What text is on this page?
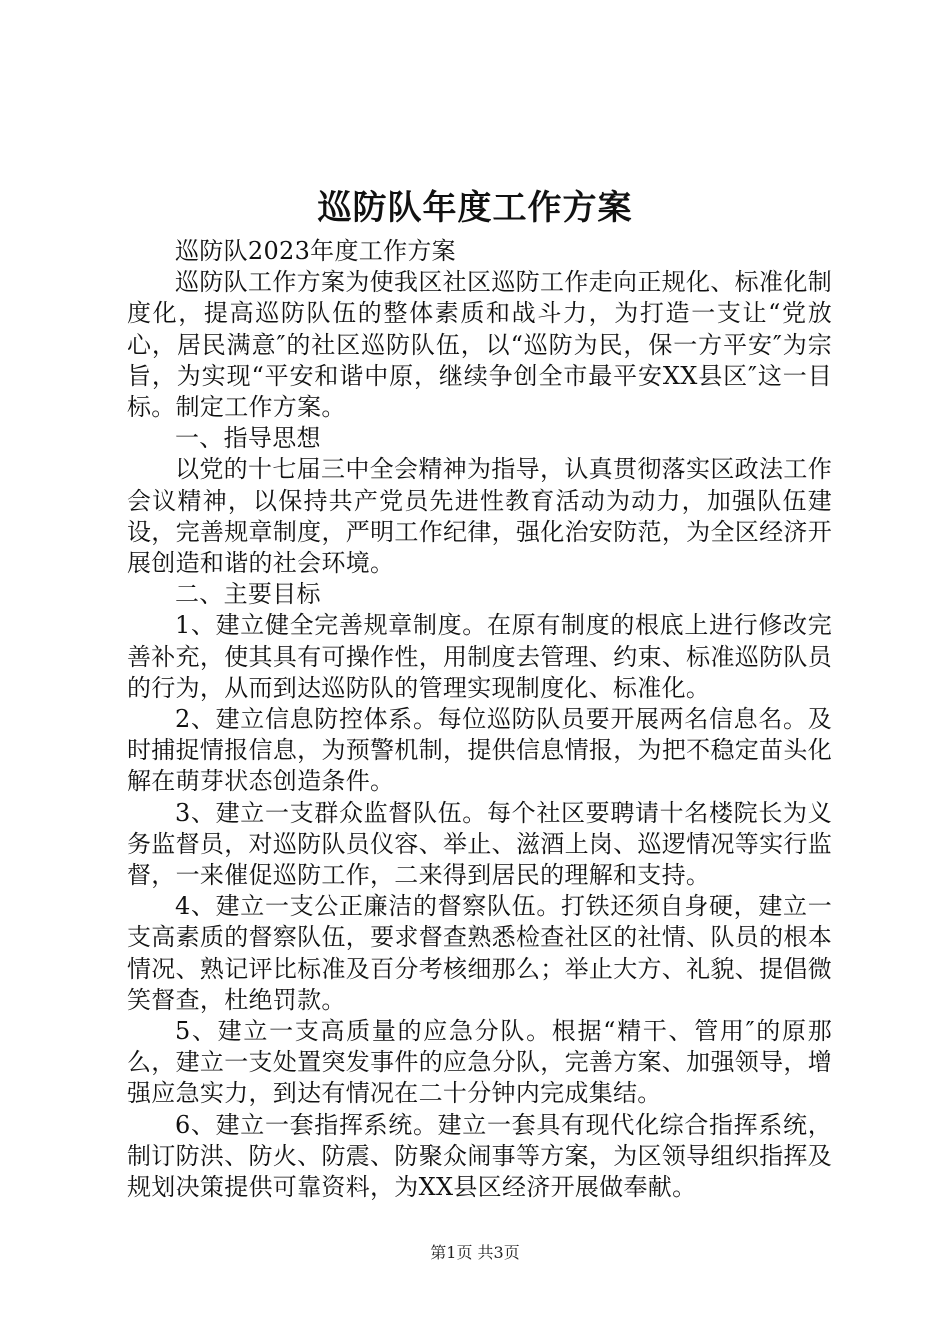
巡防队年度工作方案

巡防队2023年度工作方案

巡防队工作方案为使我区社区巡防工作走向正规化、标准化制度化，提高巡防队伍的整体素质和战斗力，为打造一支让“党放心，居民满意″的社区巡防队伍，以“巡防为民，保一方平安″为宗旨，为实现“平安和谐中原，继续争创全市最平安XX县区″这一目标。制定工作方案。

一、指导思想

以党的十七届三中全会精神为指导，认真贯彻落实区政法工作会议精神，以保持共产党员先进性教育活动为动力，加强队伍建设，完善规章制度，严明工作纪律，强化治安防范，为全区经济开展创造和谐的社会环境。

二、主要目标

1、建立健全完善规章制度。在原有制度的根底上进行修改完善补充，使其具有可操作性，用制度去管理、约束、标准巡防队员的行为，从而到达巡防队的管理实现制度化、标准化。

2、建立信息防控体系。每位巡防队员要开展两名信息名。及时捕捉情报信息，为预警机制，提供信息情报，为把不稳定苗头化解在萌芽状态创造条件。

3、建立一支群众监督队伍。每个社区要聘请十名楼院长为义务监督员，对巡防队员仪容、举止、滋酒上岗、巡逻情况等实行监督，一来催促巡防工作，二来得到居民的理解和支持。

4、建立一支公正廉洁的督察队伍。打铁还须自身硬，建立一支高素质的督察队伍，要求督查熟悉检查社区的社情、队员的根本情况、熟记评比标准及百分考核细那么；举止大方、礼貌、提倡微笑督查，杜绝罚款。

5、建立一支高质量的应急分队。根据“精干、管用″的原那么，建立一支处置突发事件的应急分队，完善方案、加强领导，增强应急实力，到达有情况在二十分钟内完成集结。

6、建立一套指挥系统。建立一套具有现代化综合指挥系统，制订防洪、防火、防震、防聚众闹事等方案，为区领导组织指挥及规划决策提供可靠资料，为XX县区经济开展做奉献。

第1页 共3页
